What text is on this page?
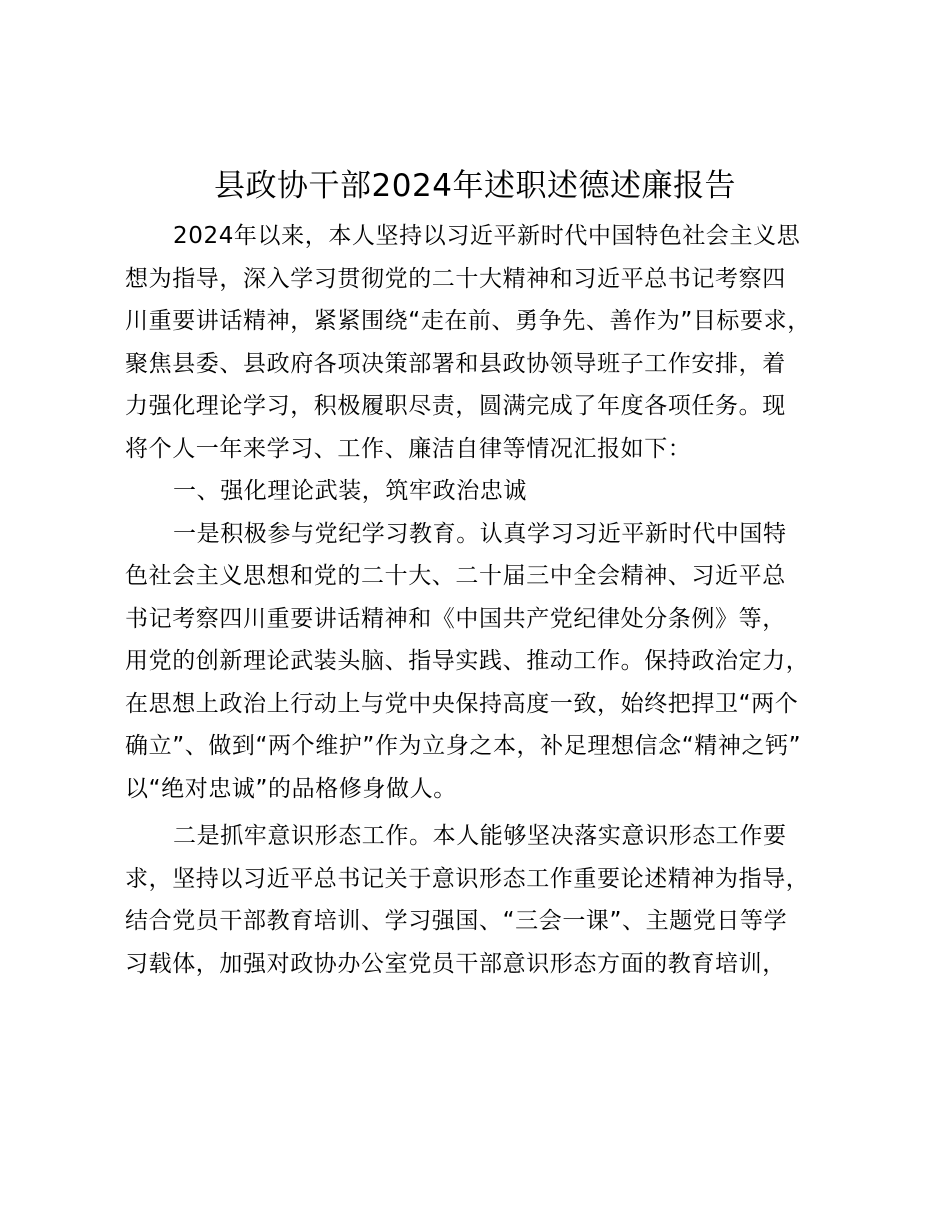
县政协干部2024年述职述德述廉报告
2024年以来，本人坚持以习近平新时代中国特色社会主义思
想为指导，深入学习贯彻党的二十大精神和习近平总书记考察四
川重要讲话精神，紧紧围绕“走在前、勇争先、善作为”目标要求，
聚焦县委、县政府各项决策部署和县政协领导班子工作安排，着
力强化理论学习，积极履职尽责，圆满完成了年度各项任务。现
将个人一年来学习、工作、廉洁自律等情况汇报如下：
一、强化理论武装，筑牢政治忠诚
一是积极参与党纪学习教育。认真学习习近平新时代中国特
色社会主义思想和党的二十大、二十届三中全会精神、习近平总
书记考察四川重要讲话精神和《中国共产党纪律处分条例》等，
用党的创新理论武装头脑、指导实践、推动工作。保持政治定力，
在思想上政治上行动上与党中央保持高度一致，始终把捍卫“两个
确立”、做到“两个维护”作为立身之本，补足理想信念“精神之钙”
以“绝对忠诚”的品格修身做人。
二是抓牢意识形态工作。本人能够坚决落实意识形态工作要
求，坚持以习近平总书记关于意识形态工作重要论述精神为指导，
结合党员干部教育培训、学习强国、“三会一课”、主题党日等学
习载体，加强对政协办公室党员干部意识形态方面的教育培训，
